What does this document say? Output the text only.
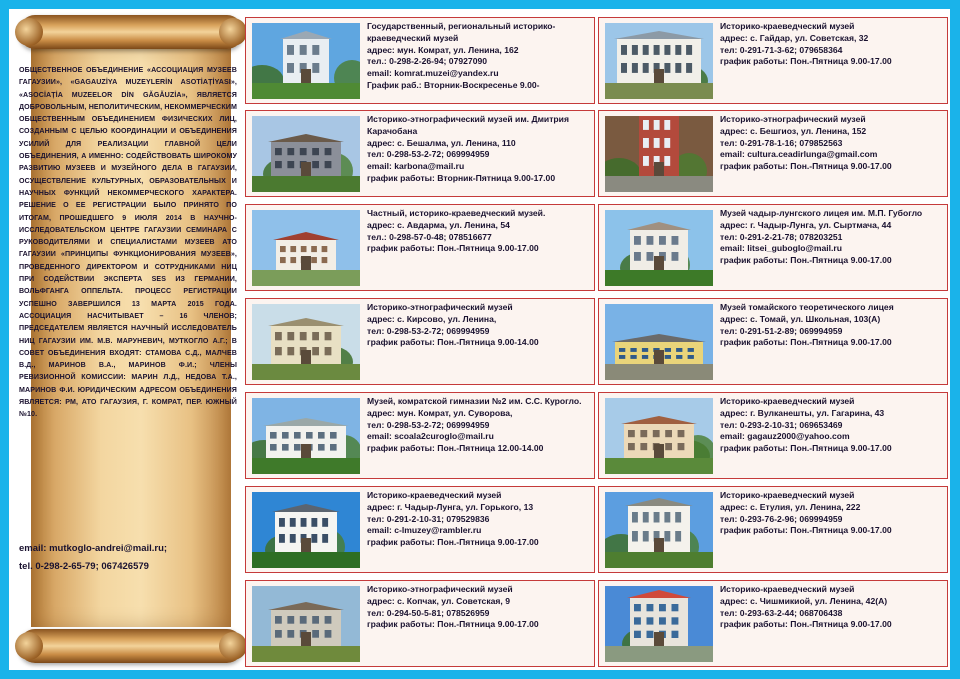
ОБЩЕСТВЕННОЕ ОБЪЕДИНЕНИЕ «АССОЦИАЦИЯ МУЗЕЕВ ГАГАУЗИИ», «GAGAUZİYA MUZEYLERİN ASOTİAȚİYASI», «ASOCİAȚİA MUZEELOR DİN GĂGĂUZİA», ЯВЛЯЕТСЯ ДОБРОВОЛЬНЫМ, НЕПОЛИТИЧЕСКИМ, НЕКОММЕРЧЕСКИМ ОБЩЕСТВЕННЫМ ОБЪЕДИНЕНИЕМ ФИЗИЧЕСКИХ ЛИЦ, СОЗДАННЫМ С ЦЕЛЬЮ КООРДИНАЦИИ И ОБЪЕДИНЕНИЯ УСИЛИЙ ДЛЯ РЕАЛИЗАЦИИ ГЛАВНОЙ ЦЕЛИ ОБЪЕДИНЕНИЯ, А ИМЕННО: СОДЕЙСТВОВАТЬ ШИРОКОМУ РАЗВИТИЮ МУЗЕЕВ И МУЗЕЙНОГО ДЕЛА В ГАГАУЗИИ, ОСУЩЕСТВЛЕНИЕ КУЛЬТУРНЫХ, ОБРАЗОВАТЕЛЬНЫХ И НАУЧНЫХ ФУНКЦИЙ НЕКОММЕРЧЕСКОГО ХАРАКТЕРА. РЕШЕНИЕ О ЕЕ РЕГИСТРАЦИИ БЫЛО ПРИНЯТО ПО ИТОГАМ, ПРОШЕДШЕГО 9 ИЮЛЯ 2014 В НАУЧНО-ИССЛЕДОВАТЕЛЬСКОМ ЦЕНТРЕ ГАГАУЗИИ СЕМИНАРА С РУКОВОДИТЕЛЯМИ И СПЕЦИАЛИСТАМИ МУЗЕЕВ АТО ГАГАУЗИИ «ПРИНЦИПЫ ФУНКЦИОНИРОВАНИЯ МУЗЕЕВ», ПРОВЕДЕННОГО ДИРЕКТОРОМ И СОТРУДНИКАМИ НИЦ ПРИ СОДЕЙСТВИИ ЭКСПЕРТА SES ИЗ ГЕРМАНИИ, ВОЛЬФГАНГА ОППЕЛЬТА. ПРОЦЕСС РЕГИСТРАЦИИ УСПЕШНО ЗАВЕРШИЛСЯ 13 МАРТА 2015 ГОДА. АССОЦИАЦИЯ НАСЧИТЫВАЕТ – 16 ЧЛЕНОВ; ПРЕДСЕДАТЕЛЕМ ЯВЛЯЕТСЯ НАУЧНЫЙ ИССЛЕДОВАТЕЛЬ НИЦ ГАГАУЗИИ ИМ. М.В. МАРУНЕВИЧ, МУТКОГЛО А.Г.; В СОВЕТ ОБЪЕДИНЕНИЯ ВХОДЯТ: СТАМОВА С.Д., МАЛЧЕВ В.Д., МАРИНОВ В.А., МАРИНОВ Ф.И.; ЧЛЕНЫ РЕВИЗИОННОЙ КОМИССИИ: МАРИН Л.Д., НЕДОВА Т.А., МАРИНОВ Ф.И. ЮРИДИЧЕСКИМ АДРЕСОМ ОБЪЕДИНЕНИЯ ЯВЛЯЕТСЯ: РМ, АТО ГАГАУЗИЯ, Г. КОМРАТ, ПЕР. ЮЖНЫЙ №10.
email: mutkoglo-andrei@mail.ru;
tel. 0-298-2-65-79; 067426579
Государственный, региональный историко-краеведческий музей
адрес: мун. Комрат, ул. Ленина, 162
тел.: 0-298-2-26-94; 07927090
email: komrat.muzei@yandex.ru
График раб.: Вторник-Воскресенье 9.00-
Историко-этнографический музей им. Дмитрия Карачобана
адрес: с. Бешалма, ул. Ленина, 110
тел: 0-298-53-2-72; 069994959
email: karbona@mail.ru
график работы: Вторник-Пятница 9.00-17.00
Частный, историко-краеведческий музей.
адрес: с. Авдарма, ул. Ленина, 54
тел.: 0-298-57-0-48; 078516677
график работы: Пон.-Пятница 9.00-17.00
Историко-этнографический музей
адрес: с. Кирсово, ул. Ленина,
тел: 0-298-53-2-72; 069994959
график работы: Пон.-Пятница 9.00-14.00
Музей, комратской гимназии №2 им. С.С. Курогло.
адрес: мун. Комрат, ул. Суворова,
тел: 0-298-53-2-72; 069994959
email: scoala2curoglo@mail.ru
график работы: Пон.-Пятница 12.00-14.00
Историко-краеведческий музей
адрес: г. Чадыр-Лунга, ул. Горького, 13
тел: 0-291-2-10-31; 079529836
email: c-lmuzey@rambler.ru
график работы: Пон.-Пятница 9.00-17.00
Историко-этнографический музей
адрес: с. Копчак, ул. Советская, 9
тел: 0-294-50-5-81; 078526959
график работы: Пон.-Пятница 9.00-17.00
Историко-краеведческий музей
адрес: с. Гайдар, ул. Советская, 32
тел: 0-291-71-3-62; 079658364
график работы: Пон.-Пятница 9.00-17.00
Историко-этнографический музей
адрес: с. Бешгиоз, ул. Ленина, 152
тел: 0-291-78-1-16; 079852563
email: cultura.ceadirlunga@gmail.com
график работы: Пон.-Пятница 9.00-17.00
Музей чадыр-лунгского лицея им. М.П. Губогло
адрес: г. Чадыр-Лунга, ул. Сыртмача, 44
тел: 0-291-2-21-78; 078203251
email: litsei_guboglo@mail.ru
график работы: Пон.-Пятница 9.00-17.00
Музей томайского теоретического лицея
адрес: с. Томай, ул. Школьная, 103(А)
тел: 0-291-51-2-89; 069994959
график работы: Пон.-Пятница 9.00-17.00
Историко-краеведческий музей
адрес: г. Вулканешты, ул. Гагарина, 43
тел: 0-293-2-10-31; 069653469
email: gagauz2000@yahoo.com
график работы: Пон.-Пятница 9.00-17.00
Историко-краеведческий музей
адрес: с. Етулия, ул. Ленина, 222
тел: 0-293-76-2-96; 069994959
график работы: Пон.-Пятница 9.00-17.00
Историко-краеведческий музей
адрес: с. Чишмикиой, ул. Ленина, 42(А)
тел: 0-293-63-2-44; 068706438
график работы: Пон.-Пятница 9.00-17.00
